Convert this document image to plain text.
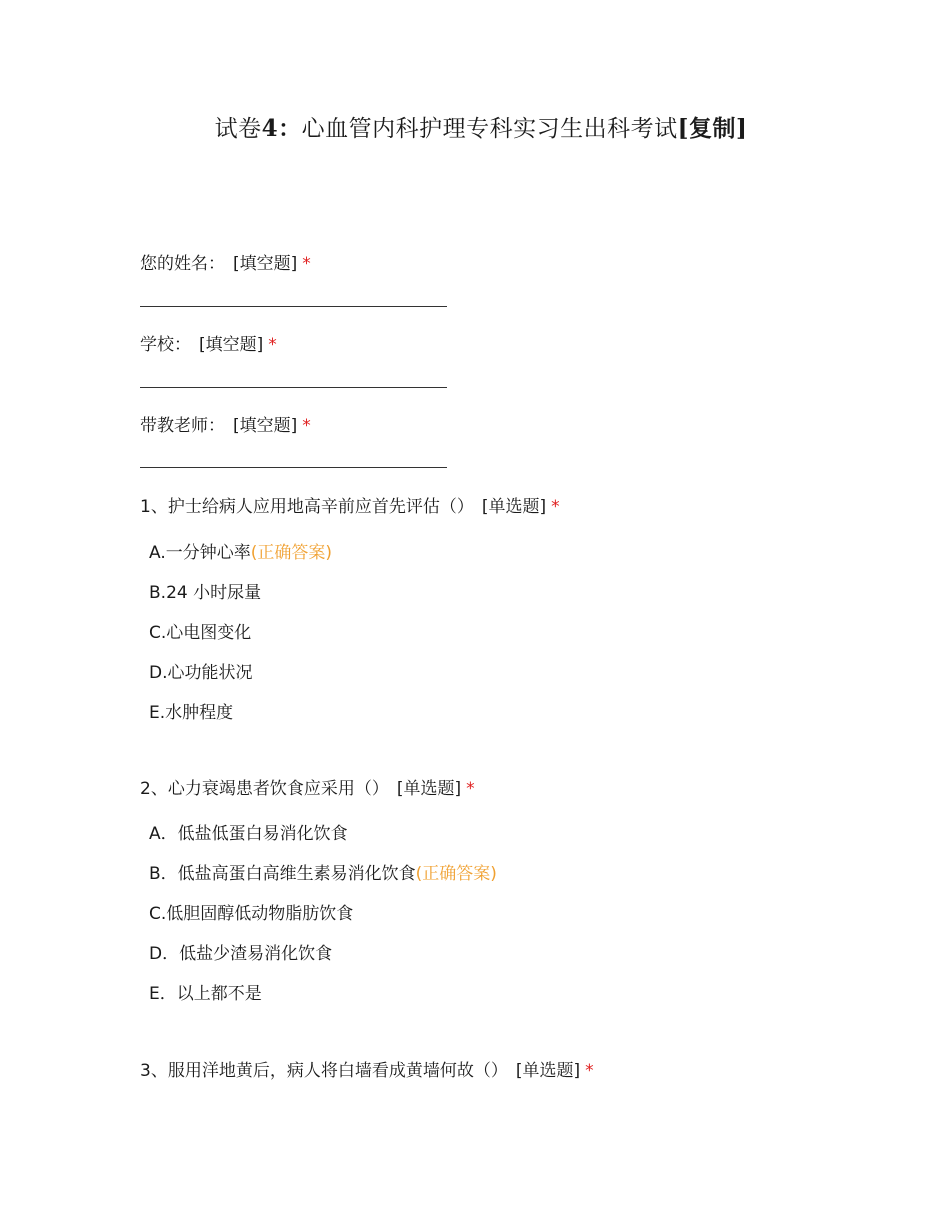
试卷4：心血管内科护理专科实习生出科考试[复制]
您的姓名： [填空题] *
学校： [填空题] *
带教老师： [填空题] *
1、护士给病人应用地高辛前应首先评估（） [单选题] *
A.一分钟心率(正确答案)
B.24 小时尿量
C.心电图变化
D.心功能状况
E.水肿程度
2、心力衰竭患者饮食应采用（） [单选题] *
A．低盐低蛋白易消化饮食
B．低盐高蛋白高维生素易消化饮食(正确答案)
C.低胆固醇低动物脂肪饮食
D．低盐少渣易消化饮食
E．以上都不是
3、服用洋地黄后，病人将白墙看成黄墙何故（） [单选题] *
